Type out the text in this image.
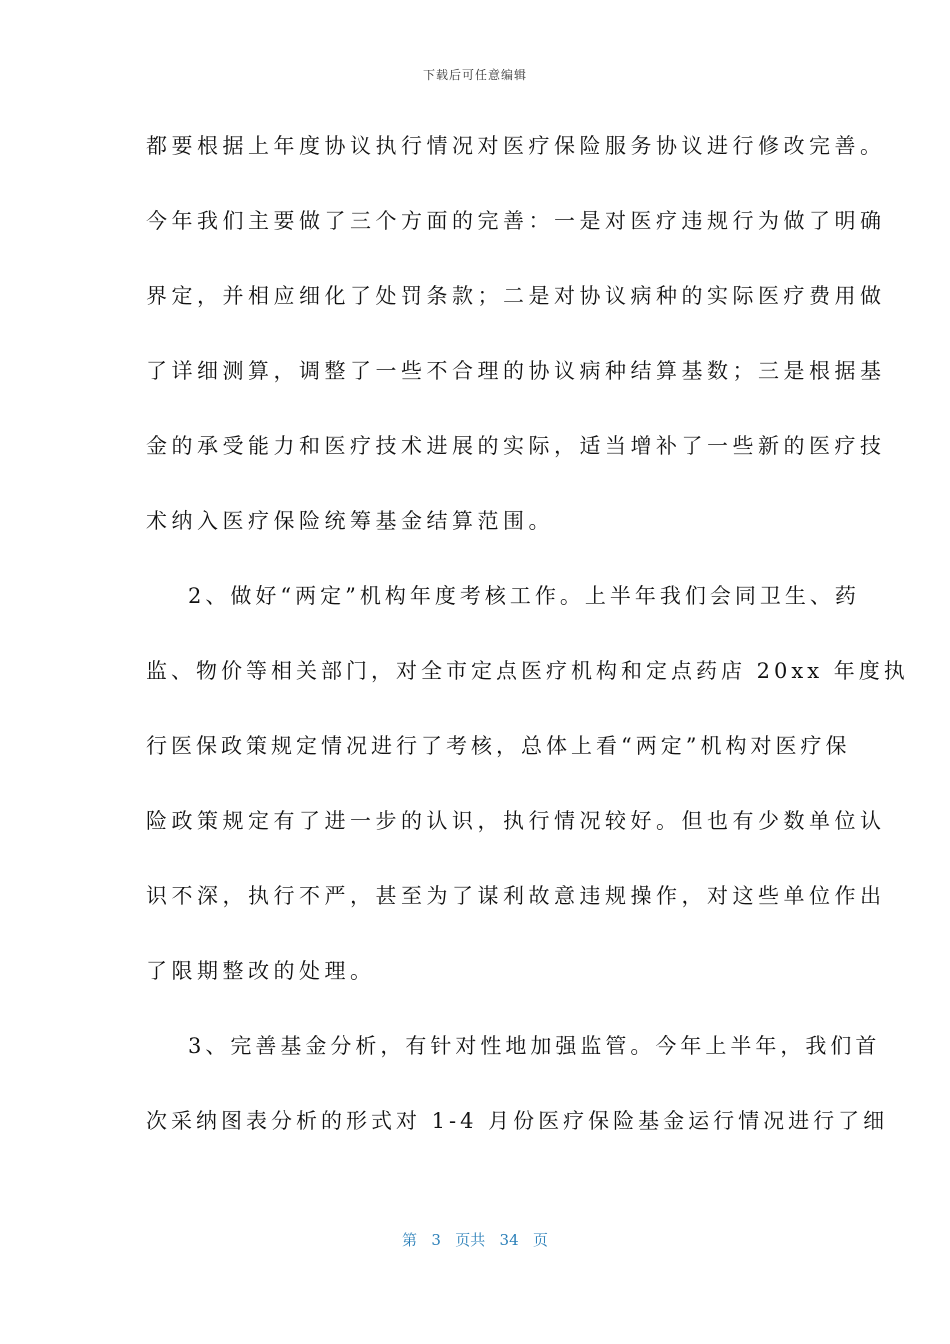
下载后可任意编辑
都要根据上年度协议执行情况对医疗保险服务协议进行修改完善。
今年我们主要做了三个方面的完善：一是对医疗违规行为做了明确
界定，并相应细化了处罚条款；二是对协议病种的实际医疗费用做
了详细测算，调整了一些不合理的协议病种结算基数；三是根据基
金的承受能力和医疗技术进展的实际，适当增补了一些新的医疗技
术纳入医疗保险统筹基金结算范围。
2、做好“两定”机构年度考核工作。上半年我们会同卫生、药
监、物价等相关部门，对全市定点医疗机构和定点药店 20xx 年度执
行医保政策规定情况进行了考核，总体上看“两定”机构对医疗保
险政策规定有了进一步的认识，执行情况较好。但也有少数单位认
识不深，执行不严，甚至为了谋利故意违规操作，对这些单位作出
了限期整改的处理。
3、完善基金分析，有针对性地加强监管。今年上半年，我们首
次采纳图表分析的形式对 1-4 月份医疗保险基金运行情况进行了细
第 3 页共 34 页
